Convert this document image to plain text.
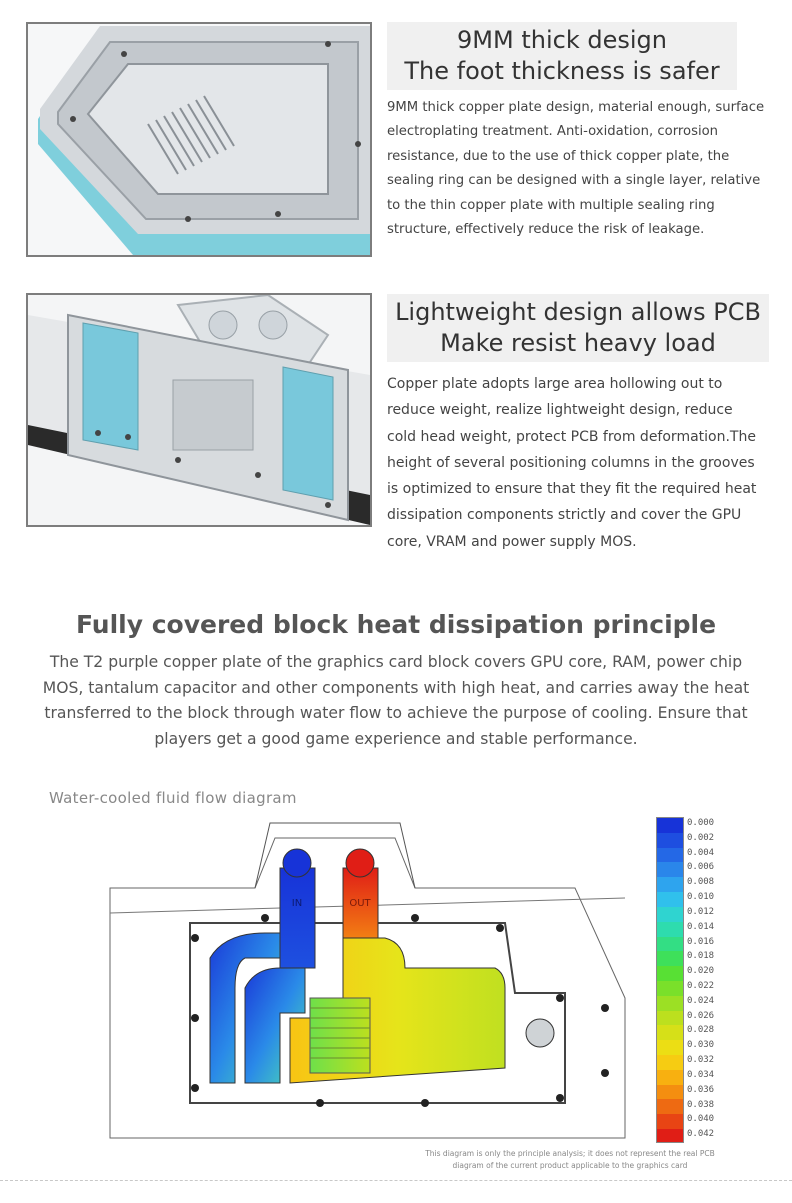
9MM thick design
The foot thickness is safer
9MM thick copper plate design, material enough, surface
electroplating treatment. Anti-oxidation, corrosion
resistance, due to the use of thick copper plate, the
sealing ring can be designed with a single layer, relative
to the thin copper plate with multiple sealing ring
structure, effectively reduce the risk of leakage.
Lightweight design allows PCB
Make resist heavy load
Copper plate adopts large area hollowing out to
reduce weight, realize lightweight design, reduce
cold head weight, protect PCB from deformation.The
height of several positioning columns in the grooves
is optimized to ensure that they fit the required heat
dissipation components strictly and cover the GPU
core, VRAM and power supply MOS.
Fully covered block heat dissipation principle
The T2 purple copper plate of the graphics card block covers GPU core, RAM, power chip
MOS, tantalum capacitor and other components with high heat, and carries away the heat
transferred to the block through water flow to achieve the purpose of cooling. Ensure that
players get a good game experience and stable performance.
Water-cooled fluid flow diagram
IN	OUT
0.000
0.002
0.004
0.006
0.008
0.010
0.012
0.014
0.016
0.018
0.020
0.022
0.024
0.026
0.028
0.030
0.032
0.034
0.036
0.038
0.040
0.042
This diagram is only the principle analysis; it does not represent the real PCB
diagram of the current product applicable to the graphics card
